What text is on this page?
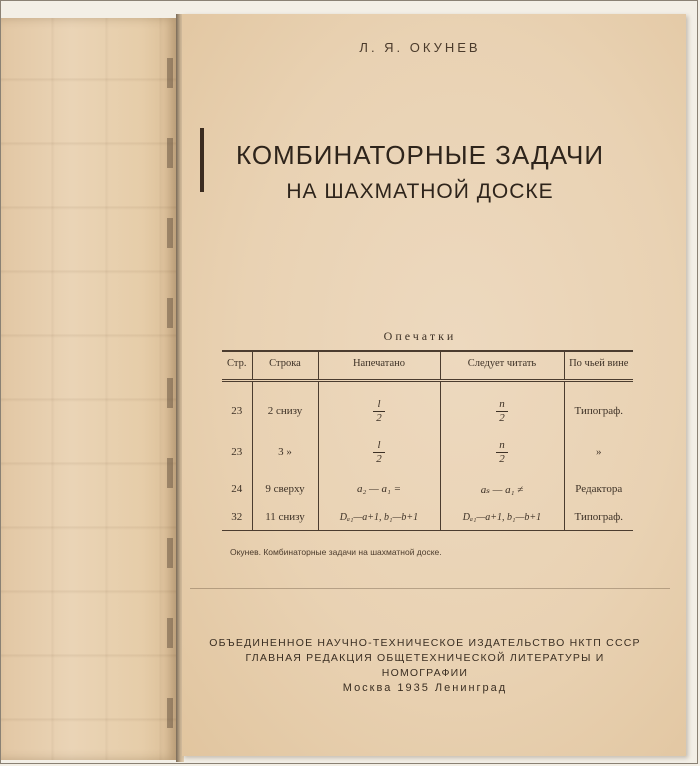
Л. Я. ОКУНЕВ
КОМБИНАТОРНЫЕ ЗАДАЧИ
НА ШАХМАТНОЙ ДОСКЕ
Опечатки
Стр.	Строка	Напечатано	Следует читать	По чьей вине
23	2 снизу	$\frac{l}{2}$	$\frac{n}{2}$	Типограф.
23	3 »	$\frac{l}{2}$	$\frac{n}{2}$	»
24	9 сверху	a₂ — a₁ =	aₛ — a₁ ≠	Редактора
32	11 снизу	Dₐ₁—a+1, b₁—b+1	Dₐ₁—a+1, b₁—b+1	Типограф.
Окунев. Комбинаторные задачи на шахматной доске.
ОБЪЕДИНЕННОЕ НАУЧНО-ТЕХНИЧЕСКОЕ ИЗДАТЕЛЬСТВО НКТП СССР
ГЛАВНАЯ РЕДАКЦИЯ ОБЩЕТЕХНИЧЕСКОЙ ЛИТЕРАТУРЫ И НОМОГРАФИИ
Москва 1935 Ленинград
